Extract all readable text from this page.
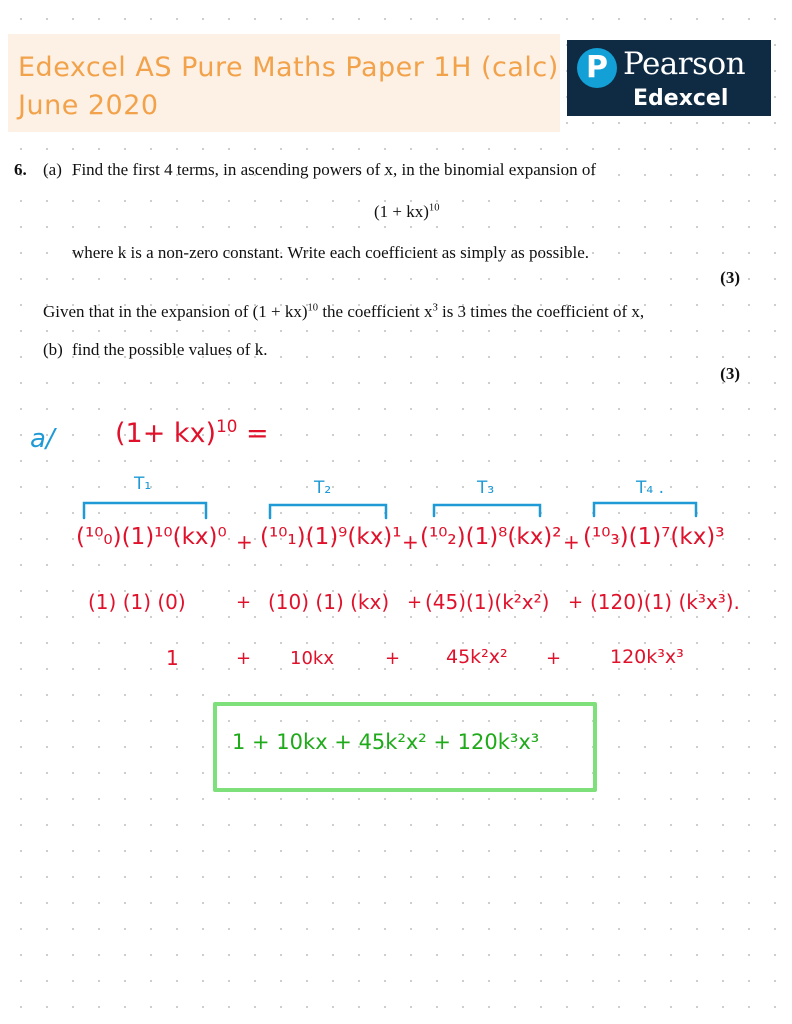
Edexcel AS Pure Maths Paper 1H (calc)
June 2020
P Pearson
Edexcel
6. (a) Find the first 4 terms, in ascending powers of x, in the binomial expansion of
(1 + kx)$^{10}$
where k is a non-zero constant. Write each coefficient as simply as possible.
(3)
Given that in the expansion of (1 + kx)$^{10}$ the coefficient $x^3$ is 3 times the coefficient of x,
(b) find the possible values of k.
(3)
a/ (1+ kx)$^{10}$ =
T₁	T₂	T₃	T₄ .
(¹⁰₀)(1)¹⁰(kx)⁰ + (¹⁰₁)(1)⁹(kx)¹ + (¹⁰₂)(1)⁸(kx)² + (¹⁰₃)(1)⁷(kx)³
(1) (1) (0)	+ (10) (1) (kx) + (45)(1)(k²x²) + (120)(1) (k³x³).
1	+ 10kx	+ 45k²x² +	120k³x³
1 + 10kx + 45k²x² + 120k³x³
